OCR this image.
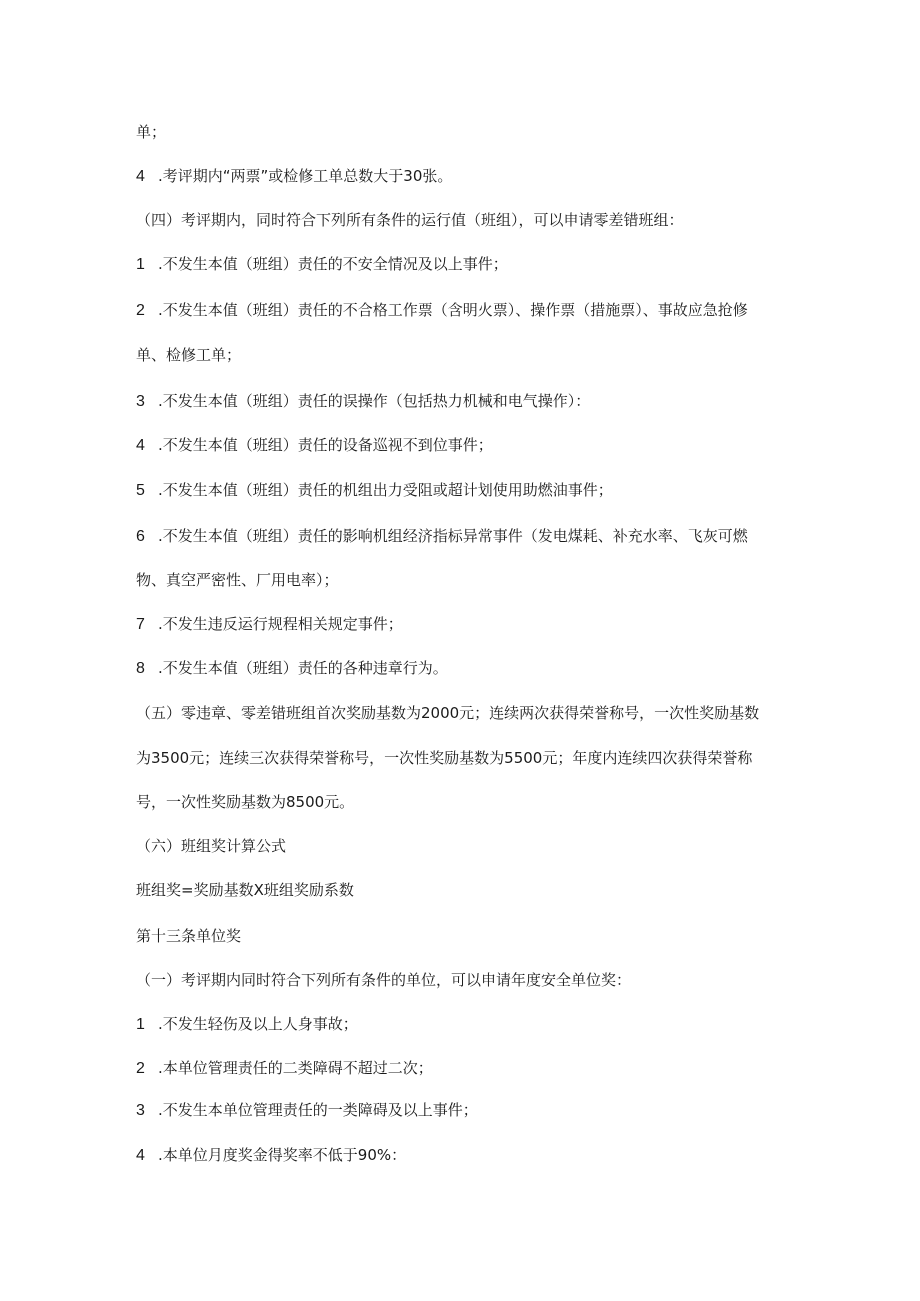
单；
4 .考评期内“两票”或检修工单总数大于30张。
（四）考评期内，同时符合下列所有条件的运行值（班组），可以申请零差错班组：
1 .不发生本值（班组）责任的不安全情况及以上事件；
2 .不发生本值（班组）责任的不合格工作票（含明火票）、操作票（措施票）、事故应急抢修
单、检修工单；
3 .不发生本值（班组）责任的误操作（包括热力机械和电气操作）：
4 .不发生本值（班组）责任的设备巡视不到位事件；
5 .不发生本值（班组）责任的机组出力受阻或超计划使用助燃油事件；
6 .不发生本值（班组）责任的影响机组经济指标异常事件（发电煤耗、补充水率、飞灰可燃
物、真空严密性、厂用电率）；
7 .不发生违反运行规程相关规定事件；
8 .不发生本值（班组）责任的各种违章行为。
（五）零违章、零差错班组首次奖励基数为2000元；连续两次获得荣誉称号，一次性奖励基数
为3500元；连续三次获得荣誉称号，一次性奖励基数为5500元；年度内连续四次获得荣誉称
号，一次性奖励基数为8500元。
（六）班组奖计算公式
班组奖=奖励基数X班组奖励系数
第十三条单位奖
（一）考评期内同时符合下列所有条件的单位，可以申请年度安全单位奖：
1 .不发生轻伤及以上人身事故；
2 .本单位管理责任的二类障碍不超过二次；
3 .不发生本单位管理责任的一类障碍及以上事件；
4 .本单位月度奖金得奖率不低于90%：
